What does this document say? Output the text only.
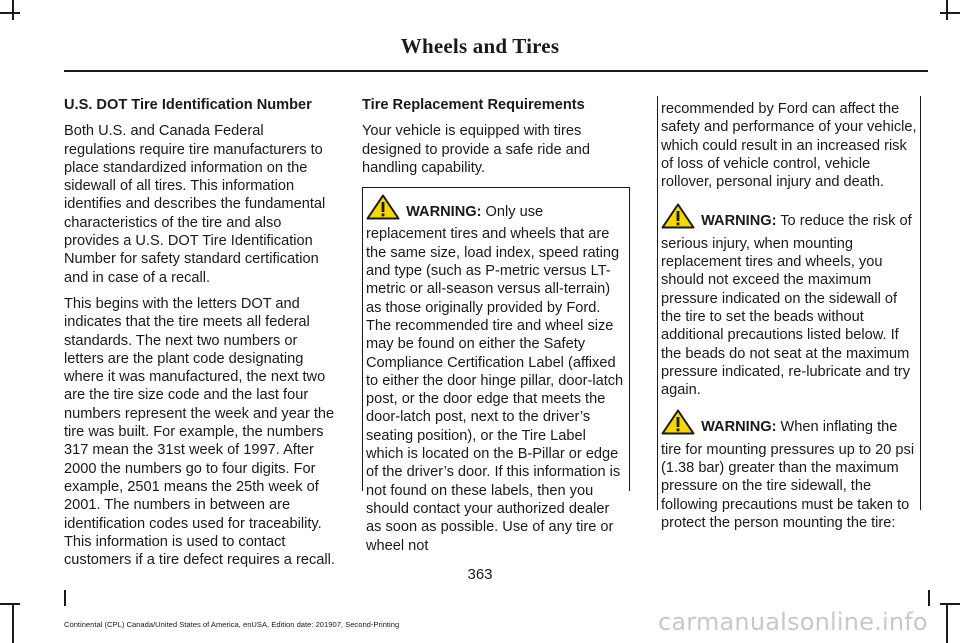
Wheels and Tires
U.S. DOT Tire Identification Number

Both U.S. and Canada Federal regulations require tire manufacturers to place standardized information on the sidewall of all tires. This information identifies and describes the fundamental characteristics of the tire and also provides a U.S. DOT Tire Identification Number for safety standard certification and in case of a recall.

This begins with the letters DOT and indicates that the tire meets all federal standards. The next two numbers or letters are the plant code designating where it was manufactured, the next two are the tire size code and the last four numbers represent the week and year the tire was built. For example, the numbers 317 mean the 31st week of 1997. After 2000 the numbers go to four digits. For example, 2501 means the 25th week of 2001. The numbers in between are identification codes used for traceability. This information is used to contact customers if a tire defect requires a recall.

Tire Replacement Requirements

Your vehicle is equipped with tires designed to provide a safe ride and handling capability.

WARNING: Only use replacement tires and wheels that are the same size, load index, speed rating and type (such as P-metric versus LT-metric or all-season versus all-terrain) as those originally provided by Ford. The recommended tire and wheel size may be found on either the Safety Compliance Certification Label (affixed to either the door hinge pillar, door-latch post, or the door edge that meets the door-latch post, next to the driver’s seating position), or the Tire Label which is located on the B-Pillar or edge of the driver’s door. If this information is not found on these labels, then you should contact your authorized dealer as soon as possible. Use of any tire or wheel not

recommended by Ford can affect the safety and performance of your vehicle, which could result in an increased risk of loss of vehicle control, vehicle rollover, personal injury and death.

WARNING: To reduce the risk of serious injury, when mounting replacement tires and wheels, you should not exceed the maximum pressure indicated on the sidewall of the tire to set the beads without additional precautions listed below. If the beads do not seat at the maximum pressure indicated, re-lubricate and try again.
WARNING: When inflating the tire for mounting pressures up to 20 psi (1.38 bar) greater than the maximum pressure on the tire sidewall, the following precautions must be taken to protect the person mounting the tire:
363
Continental (CPL) Canada/United States of America, enUSA, Edition date: 201907, Second-Printing	carmanualsonline.info
